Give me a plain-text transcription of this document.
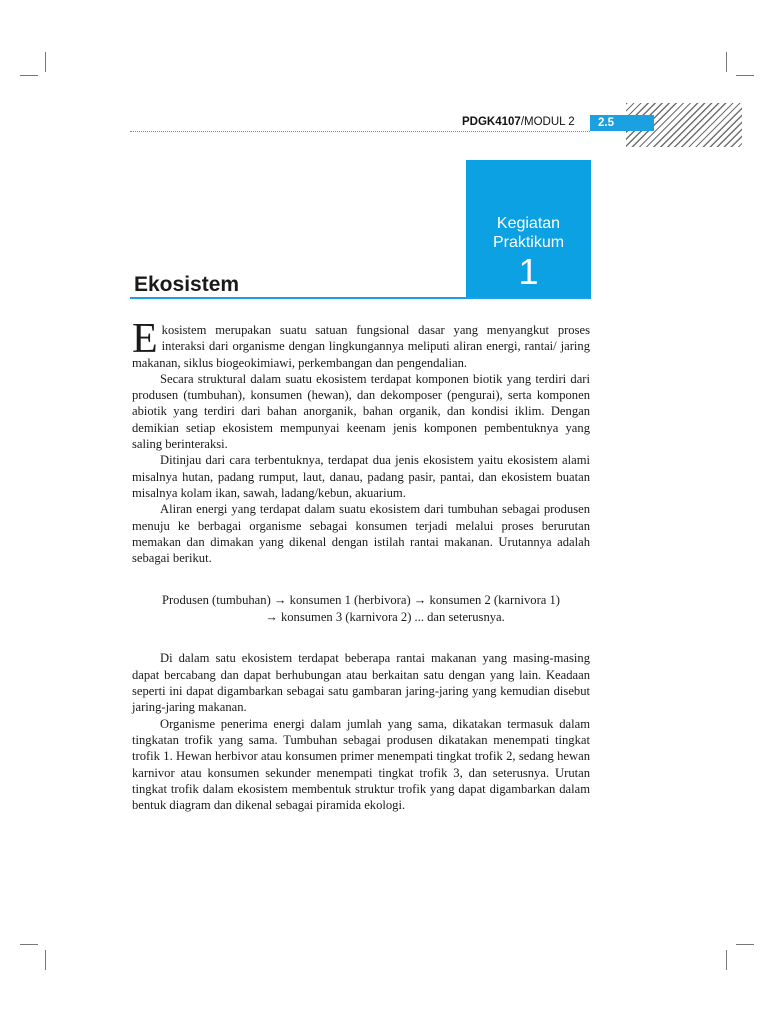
PDGK4107/MODUL 2	2.5
Kegiatan
Praktikum
1
Ekosistem

Ekosistem merupakan suatu satuan fungsional dasar yang menyangkut proses interaksi dari organisme dengan lingkungannya meliputi aliran energi, rantai/ jaring makanan, siklus biogeokimiawi, perkembangan dan pengendalian.

Secara struktural dalam suatu ekosistem terdapat komponen biotik yang terdiri dari produsen (tumbuhan), konsumen (hewan), dan dekomposer (pengurai), serta komponen abiotik yang terdiri dari bahan anorganik, bahan organik, dan kondisi iklim. Dengan demikian setiap ekosistem mempunyai keenam jenis komponen pembentuknya yang saling berinteraksi.

Ditinjau dari cara terbentuknya, terdapat dua jenis ekosistem yaitu ekosistem alami misalnya hutan, padang rumput, laut, danau, padang pasir, pantai, dan ekosistem buatan misalnya kolam ikan, sawah, ladang/kebun, akuarium.

Aliran energi yang terdapat dalam suatu ekosistem dari tumbuhan sebagai produsen menuju ke berbagai organisme sebagai konsumen terjadi melalui proses berurutan memakan dan dimakan yang dikenal dengan istilah rantai makanan. Urutannya adalah sebagai berikut.

Produsen (tumbuhan) → konsumen 1 (herbivora) → konsumen 2 (karnivora 1)
→ konsumen 3 (karnivora 2) ... dan seterusnya.

Di dalam satu ekosistem terdapat beberapa rantai makanan yang masing-masing dapat bercabang dan dapat berhubungan atau berkaitan satu dengan yang lain. Keadaan seperti ini dapat digambarkan sebagai satu gambaran jaring-jaring yang kemudian disebut jaring-jaring makanan.

Organisme penerima energi dalam jumlah yang sama, dikatakan termasuk dalam tingkatan trofik yang sama. Tumbuhan sebagai produsen dikatakan menempati tingkat trofik 1. Hewan herbivor atau konsumen primer menempati tingkat trofik 2, sedang hewan karnivor atau konsumen sekunder menempati tingkat trofik 3, dan seterusnya. Urutan tingkat trofik dalam ekosistem membentuk struktur trofik yang dapat digambarkan dalam bentuk diagram dan dikenal sebagai piramida ekologi.
